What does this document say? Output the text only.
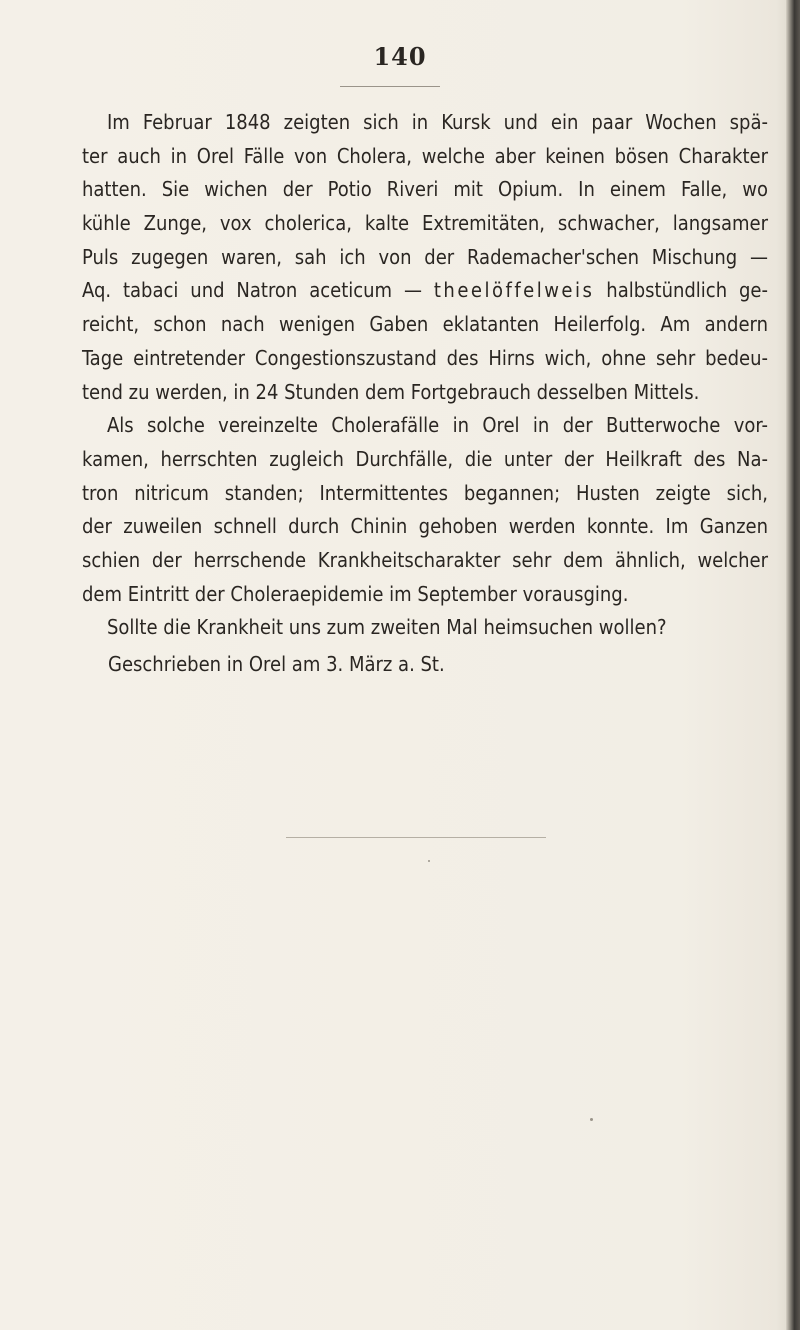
140
Im Februar 1848 zeigten sich in Kursk und ein paar Wochen spä-
ter auch in Orel Fälle von Cholera, welche aber keinen bösen Charakter
hatten. Sie wichen der Potio Riveri mit Opium. In einem Falle, wo
kühle Zunge, vox cholerica, kalte Extremitäten, schwacher, langsamer
Puls zugegen waren, sah ich von der Rademacher'schen Mischung —
Aq. tabaci und Natron aceticum — theelöffelweis halbstündlich ge-
reicht, schon nach wenigen Gaben eklatanten Heilerfolg. Am andern
Tage eintretender Congestionszustand des Hirns wich, ohne sehr bedeu-
tend zu werden, in 24 Stunden dem Fortgebrauch desselben Mittels.
Als solche vereinzelte Cholerafälle in Orel in der Butterwoche vor-
kamen, herrschten zugleich Durchfälle, die unter der Heilkraft des Na-
tron nitricum standen; Intermittentes begannen; Husten zeigte sich,
der zuweilen schnell durch Chinin gehoben werden konnte. Im Ganzen
schien der herrschende Krankheitscharakter sehr dem ähnlich, welcher
dem Eintritt der Choleraepidemie im September vorausging.
Sollte die Krankheit uns zum zweiten Mal heimsuchen wollen?
Geschrieben in Orel am 3. März a. St.
